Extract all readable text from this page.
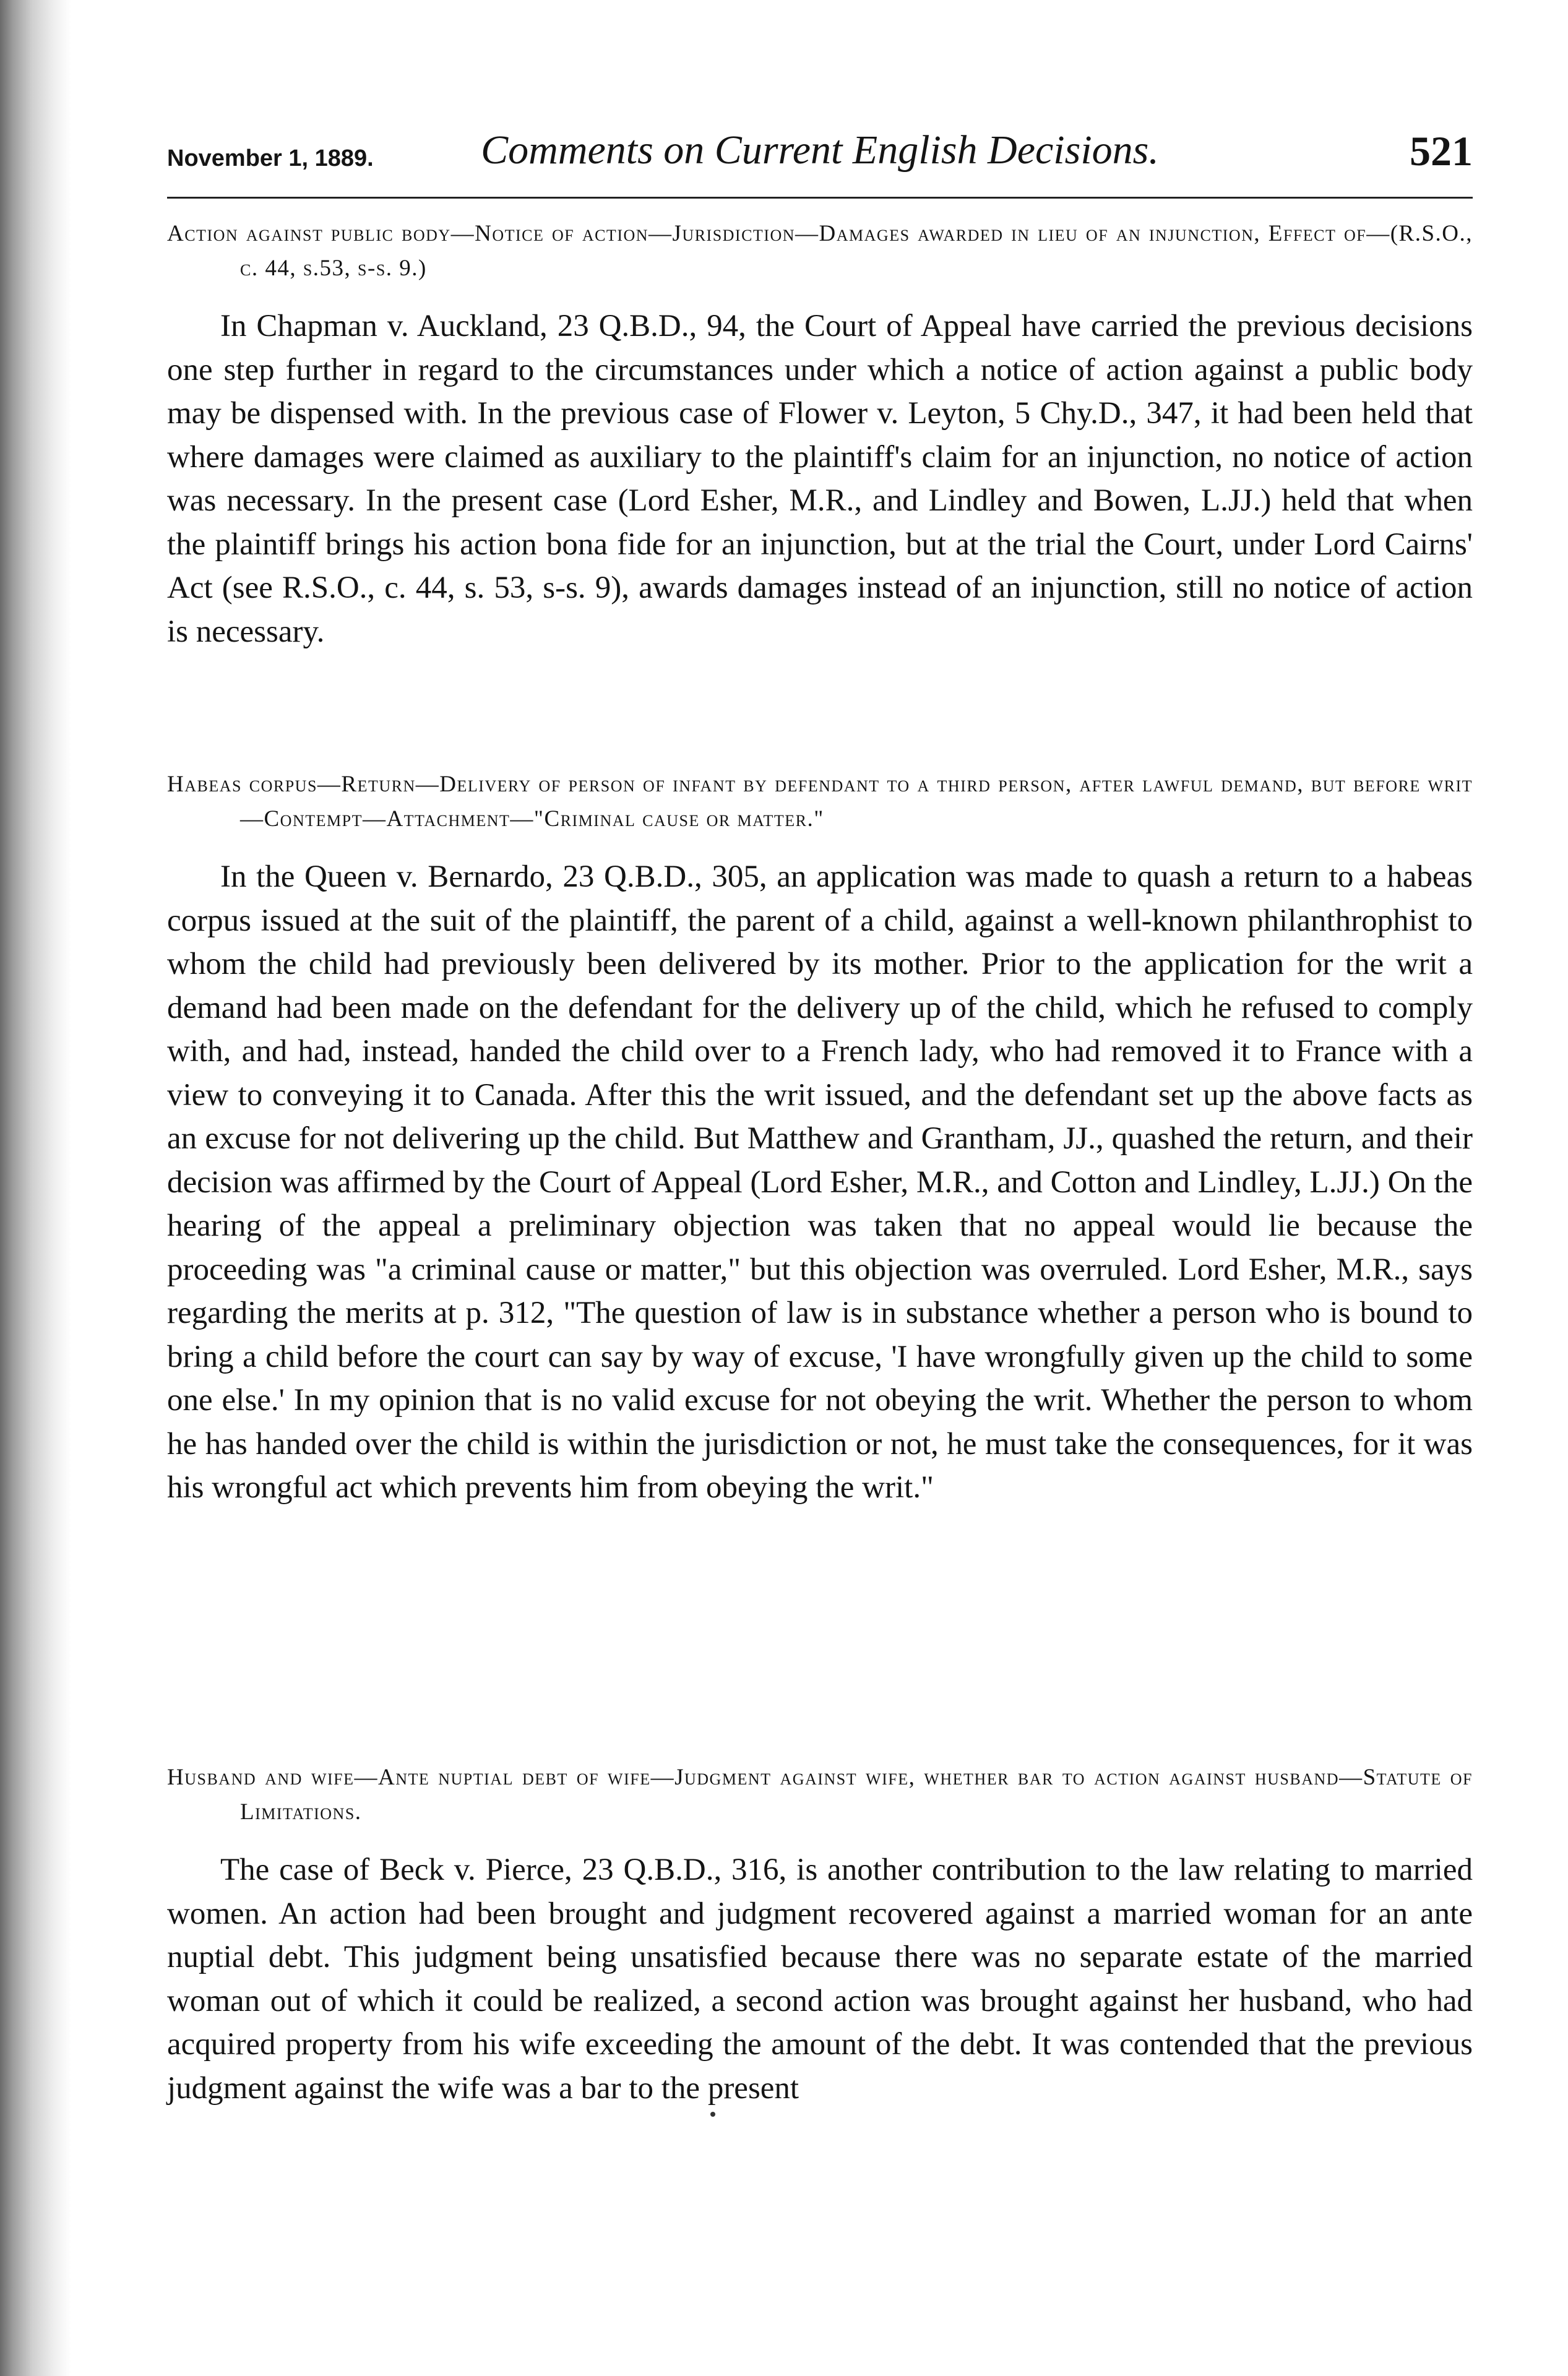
November 1, 1889.	Comments on Current English Decisions.	521

Action against public body—Notice of action—Jurisdiction—Damages awarded in lieu of an injunction, Effect of—(R.S.O., c. 44, s.53, s-s. 9.)

In Chapman v. Auckland, 23 Q.B.D., 94, the Court of Appeal have carried the previous decisions one step further in regard to the circumstances under which a notice of action against a public body may be dispensed with. In the previous case of Flower v. Leyton, 5 Chy.D., 347, it had been held that where damages were claimed as auxiliary to the plaintiff's claim for an injunction, no notice of action was necessary. In the present case (Lord Esher, M.R., and Lindley and Bowen, L.JJ.) held that when the plaintiff brings his action bona fide for an injunction, but at the trial the Court, under Lord Cairns' Act (see R.S.O., c. 44, s. 53, s-s. 9), awards damages instead of an injunction, still no notice of action is necessary.

Habeas corpus—Return—Delivery of person of infant by defendant to a third person, after lawful demand, but before writ—Contempt—Attachment—"Criminal cause or matter."

In the Queen v. Bernardo, 23 Q.B.D., 305, an application was made to quash a return to a habeas corpus issued at the suit of the plaintiff, the parent of a child, against a well-known philanthrophist to whom the child had previously been delivered by its mother. Prior to the application for the writ a demand had been made on the defendant for the delivery up of the child, which he refused to comply with, and had, instead, handed the child over to a French lady, who had removed it to France with a view to conveying it to Canada. After this the writ issued, and the defendant set up the above facts as an excuse for not delivering up the child. But Matthew and Grantham, JJ., quashed the return, and their decision was affirmed by the Court of Appeal (Lord Esher, M.R., and Cotton and Lindley, L.JJ.) On the hearing of the appeal a preliminary objection was taken that no appeal would lie because the proceeding was "a criminal cause or matter," but this objection was overruled. Lord Esher, M.R., says regarding the merits at p. 312, "The question of law is in substance whether a person who is bound to bring a child before the court can say by way of excuse, 'I have wrongfully given up the child to some one else.' In my opinion that is no valid excuse for not obeying the writ. Whether the person to whom he has handed over the child is within the jurisdiction or not, he must take the consequences, for it was his wrongful act which prevents him from obeying the writ."

Husband and wife—Ante nuptial debt of wife—Judgment against wife, whether bar to action against husband—Statute of Limitations.

The case of Beck v. Pierce, 23 Q.B.D., 316, is another contribution to the law relating to married women. An action had been brought and judgment recovered against a married woman for an ante nuptial debt. This judgment being unsatisfied because there was no separate estate of the married woman out of which it could be realized, a second action was brought against her husband, who had acquired property from his wife exceeding the amount of the debt. It was contended that the previous judgment against the wife was a bar to the present
